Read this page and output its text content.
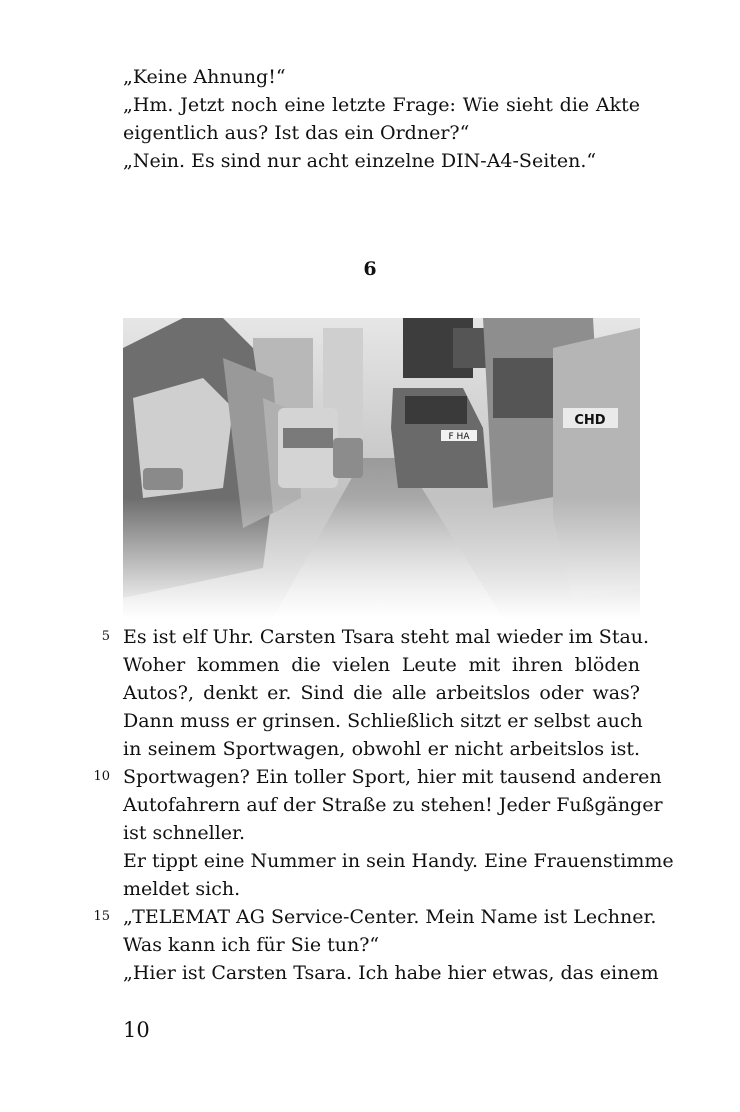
„Keine Ahnung!“
„Hm. Jetzt noch eine letzte Frage: Wie sieht die Akte
eigentlich aus? Ist das ein Ordner?“
„Nein. Es sind nur acht einzelne DIN-A4-Seiten.“
6
5
10
15
Es ist elf Uhr. Carsten Tsara steht mal wieder im Stau.
Woher kommen die vielen Leute mit ihren blöden
Autos?, denkt er. Sind die alle arbeitslos oder was?
Dann muss er grinsen. Schließlich sitzt er selbst auch
in seinem Sportwagen, obwohl er nicht arbeitslos ist.
Sportwagen? Ein toller Sport, hier mit tausend anderen
Autofahrern auf der Straße zu stehen! Jeder Fußgänger
ist schneller.
Er tippt eine Nummer in sein Handy. Eine Frauenstimme
meldet sich.
„TELEMAT AG Service-Center. Mein Name ist Lechner.
Was kann ich für Sie tun?“
„Hier ist Carsten Tsara. Ich habe hier etwas, das einem
10
